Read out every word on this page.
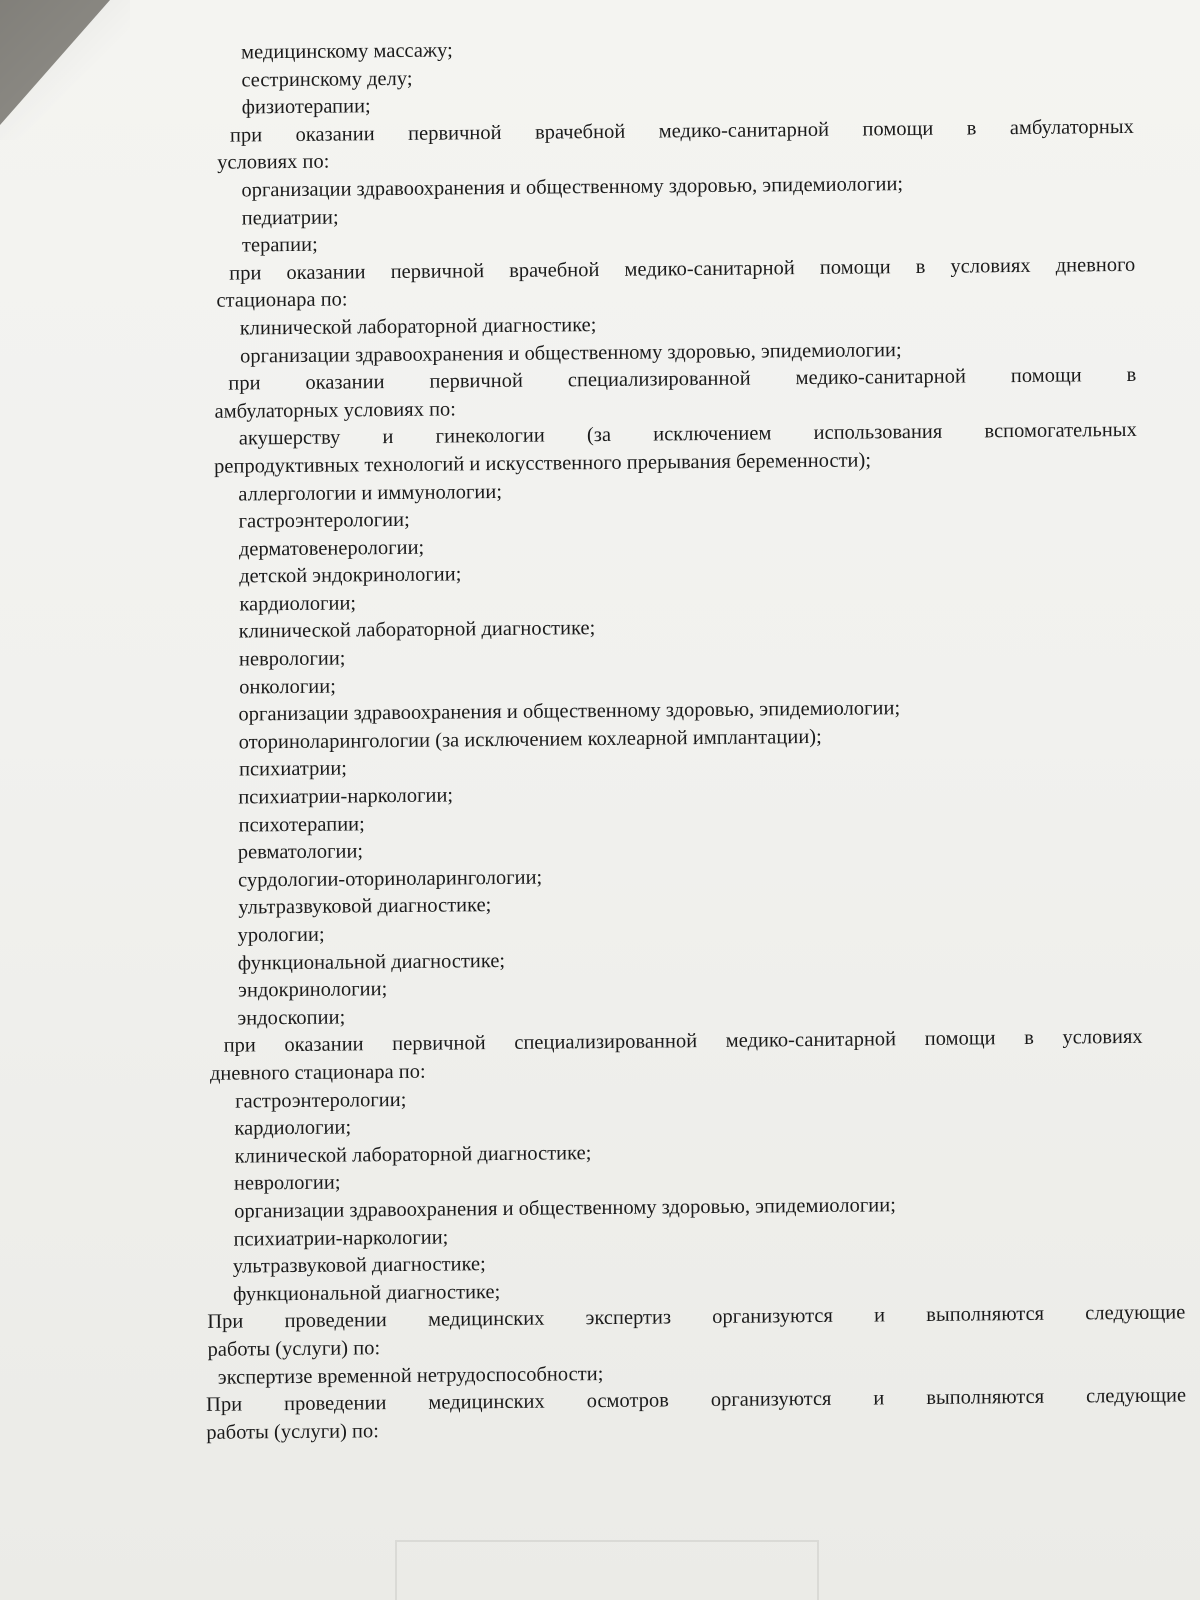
медицинскому массажу;
сестринскому делу;
физиотерапии;
при оказании первичной врачебной медико-санитарной помощи в амбулаторных
условиях по:
организации здравоохранения и общественному здоровью, эпидемиологии;
педиатрии;
терапии;
при оказании первичной врачебной медико-санитарной помощи в условиях дневного
стационара по:
клинической лабораторной диагностике;
организации здравоохранения и общественному здоровью, эпидемиологии;
при оказании первичной специализированной медико-санитарной помощи в
амбулаторных условиях по:
акушерству и гинекологии (за исключением использования вспомогательных
репродуктивных технологий и искусственного прерывания беременности);
аллергологии и иммунологии;
гастроэнтерологии;
дерматовенерологии;
детской эндокринологии;
кардиологии;
клинической лабораторной диагностике;
неврологии;
онкологии;
организации здравоохранения и общественному здоровью, эпидемиологии;
оториноларингологии (за исключением кохлеарной имплантации);
психиатрии;
психиатрии-наркологии;
психотерапии;
ревматологии;
сурдологии-оториноларингологии;
ультразвуковой диагностике;
урологии;
функциональной диагностике;
эндокринологии;
эндоскопии;
при оказании первичной специализированной медико-санитарной помощи в условиях
дневного стационара по:
гастроэнтерологии;
кардиологии;
клинической лабораторной диагностике;
неврологии;
организации здравоохранения и общественному здоровью, эпидемиологии;
психиатрии-наркологии;
ультразвуковой диагностике;
функциональной диагностике;
При проведении медицинских экспертиз организуются и выполняются следующие
работы (услуги) по:
экспертизе временной нетрудоспособности;
При проведении медицинских осмотров организуются и выполняются следующие
работы (услуги) по:
